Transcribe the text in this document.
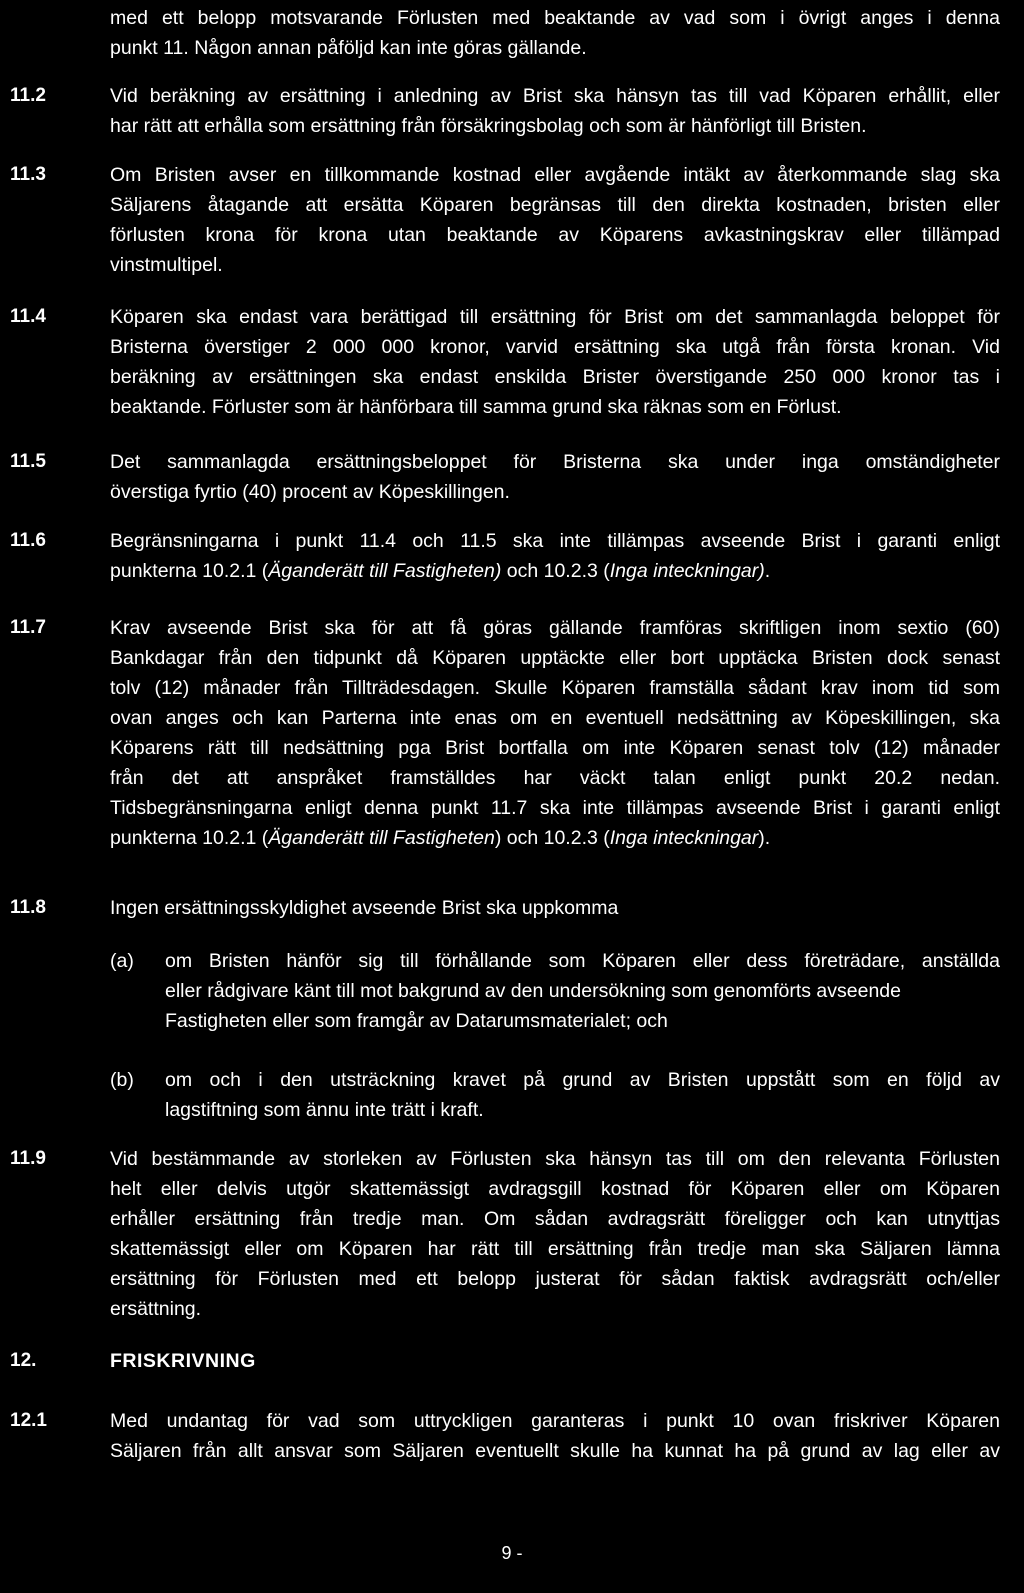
med ett belopp motsvarande Förlusten med beaktande av vad som i övrigt anges i denna
punkt 11. Någon annan påföljd kan inte göras gällande.
11.2	Vid beräkning av ersättning i anledning av Brist ska hänsyn tas till vad Köparen erhållit, eller
har rätt att erhålla som ersättning från försäkringsbolag och som är hänförligt till Bristen.
11.3	Om Bristen avser en tillkommande kostnad eller avgående intäkt av återkommande slag ska
Säljarens åtagande att ersätta Köparen begränsas till den direkta kostnaden, bristen eller
förlusten krona för krona utan beaktande av Köparens avkastningskrav eller tillämpad
vinstmultipel.
11.4	Köparen ska endast vara berättigad till ersättning för Brist om det sammanlagda beloppet för
Bristerna överstiger 2 000 000 kronor, varvid ersättning ska utgå från första kronan. Vid
beräkning av ersättningen ska endast enskilda Brister överstigande 250 000 kronor tas i
beaktande. Förluster som är hänförbara till samma grund ska räknas som en Förlust.
11.5	Det sammanlagda ersättningsbeloppet för Bristerna ska under inga omständigheter
överstiga fyrtio (40) procent av Köpeskillingen.
11.6	Begränsningarna i punkt 11.4 och 11.5 ska inte tillämpas avseende Brist i garanti enligt
punkterna 10.2.1 (Äganderätt till Fastigheten) och 10.2.3 (Inga inteckningar).
11.7	Krav avseende Brist ska för att få göras gällande framföras skriftligen inom sextio (60)
Bankdagar från den tidpunkt då Köparen upptäckte eller bort upptäcka Bristen dock senast
tolv (12) månader från Tillträdesdagen. Skulle Köparen framställa sådant krav inom tid som
ovan anges och kan Parterna inte enas om en eventuell nedsättning av Köpeskillingen, ska
Köparens rätt till nedsättning pga Brist bortfalla om inte Köparen senast tolv (12) månader
från det att anspråket framställdes har väckt talan enligt punkt 20.2 nedan.
Tidsbegränsningarna enligt denna punkt 11.7 ska inte tillämpas avseende Brist i garanti enligt
punkterna 10.2.1 (Äganderätt till Fastigheten) och 10.2.3 (Inga inteckningar).
11.8	Ingen ersättningsskyldighet avseende Brist ska uppkomma
(a) om Bristen hänför sig till förhållande som Köparen eller dess företrädare, anställda
eller rådgivare känt till mot bakgrund av den undersökning som genomförts avseende
Fastigheten eller som framgår av Datarumsmaterialet; och
(b) om och i den utsträckning kravet på grund av Bristen uppstått som en följd av
lagstiftning som ännu inte trätt i kraft.
11.9	Vid bestämmande av storleken av Förlusten ska hänsyn tas till om den relevanta Förlusten
helt eller delvis utgör skattemässigt avdragsgill kostnad för Köparen eller om Köparen
erhåller ersättning från tredje man. Om sådan avdragsrätt föreligger och kan utnyttjas
skattemässigt eller om Köparen har rätt till ersättning från tredje man ska Säljaren lämna
ersättning för Förlusten med ett belopp justerat för sådan faktisk avdragsrätt och/eller
ersättning.
12.	FRISKRIVNING
12.1	Med undantag för vad som uttryckligen garanteras i punkt 10 ovan friskriver Köparen
Säljaren från allt ansvar som Säljaren eventuellt skulle ha kunnat ha på grund av lag eller av
9 -
